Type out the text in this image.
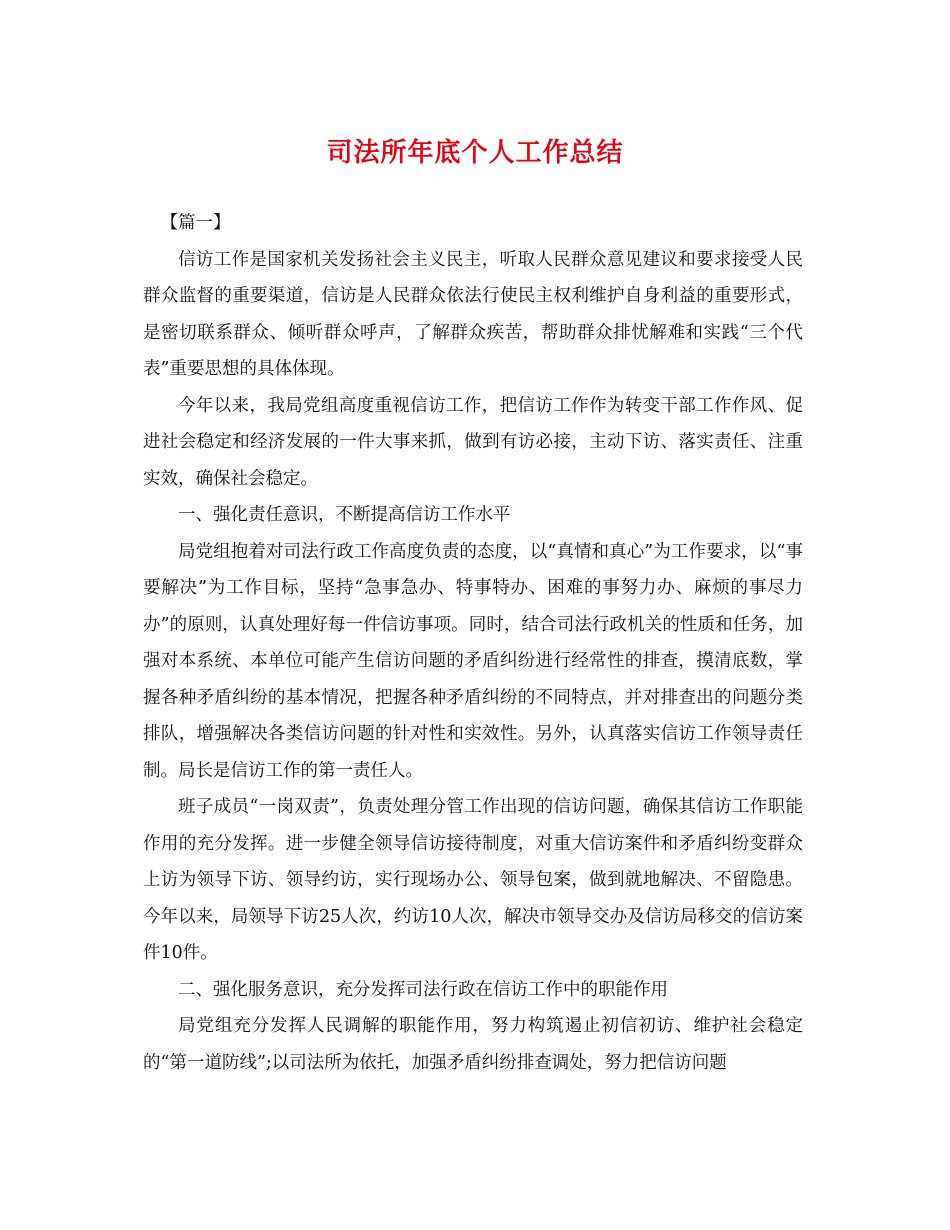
司法所年底个人工作总结

【篇一】

信访工作是国家机关发扬社会主义民主，听取人民群众意见建议和要求接受人民群众监督的重要渠道，信访是人民群众依法行使民主权利维护自身利益的重要形式，是密切联系群众、倾听群众呼声，了解群众疾苦，帮助群众排忧解难和实践“三个代表”重要思想的具体体现。

今年以来，我局党组高度重视信访工作，把信访工作作为转变干部工作作风、促进社会稳定和经济发展的一件大事来抓，做到有访必接，主动下访、落实责任、注重实效，确保社会稳定。

一、强化责任意识，不断提高信访工作水平

局党组抱着对司法行政工作高度负责的态度，以“真情和真心”为工作要求，以“事要解决”为工作目标，坚持“急事急办、特事特办、困难的事努力办、麻烦的事尽力办”的原则，认真处理好每一件信访事项。同时，结合司法行政机关的性质和任务，加强对本系统、本单位可能产生信访问题的矛盾纠纷进行经常性的排查，摸清底数，掌握各种矛盾纠纷的基本情况，把握各种矛盾纠纷的不同特点，并对排查出的问题分类排队，增强解决各类信访问题的针对性和实效性。另外，认真落实信访工作领导责任制。局长是信访工作的第一责任人。

班子成员“一岗双责”，负责处理分管工作出现的信访问题，确保其信访工作职能作用的充分发挥。进一步健全领导信访接待制度，对重大信访案件和矛盾纠纷变群众上访为领导下访、领导约访，实行现场办公、领导包案，做到就地解决、不留隐患。今年以来，局领导下访25人次，约访10人次，解决市领导交办及信访局移交的信访案件10件。

二、强化服务意识，充分发挥司法行政在信访工作中的职能作用

局党组充分发挥人民调解的职能作用，努力构筑遏止初信初访、维护社会稳定的“第一道防线”;以司法所为依托，加强矛盾纠纷排查调处，努力把信访问题
